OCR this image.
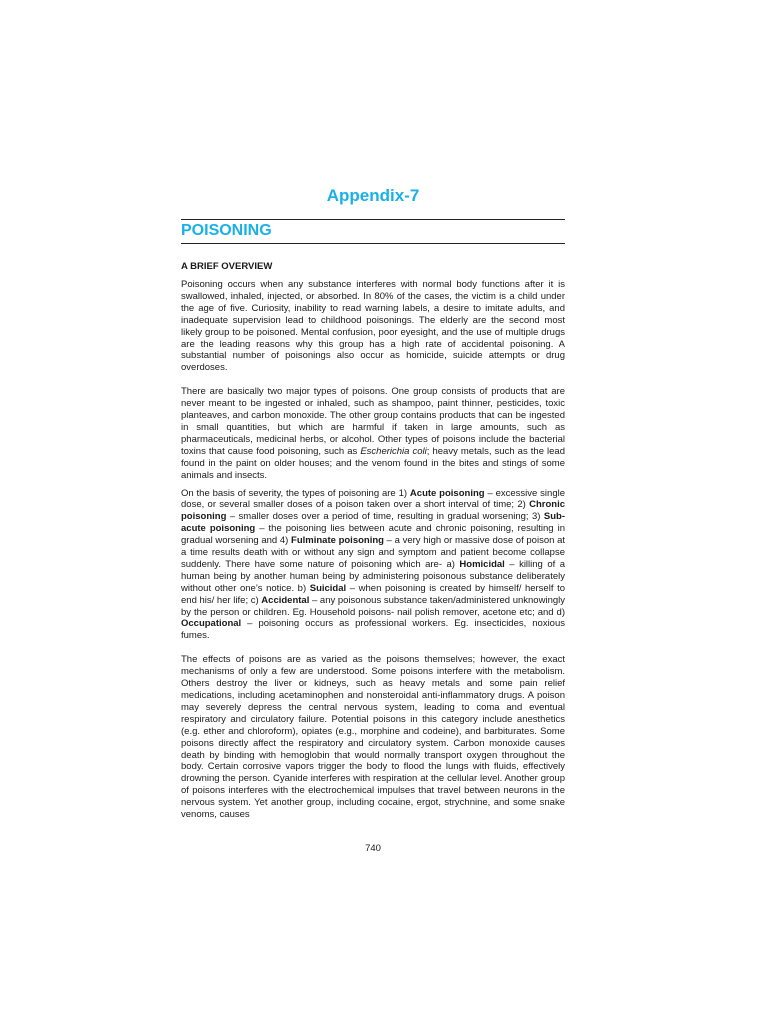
Appendix-7
POISONING
A BRIEF OVERVIEW

Poisoning occurs when any substance interferes with normal body functions after it is swallowed, inhaled, injected, or absorbed. In 80% of the cases, the victim is a child under the age of five. Curiosity, inability to read warning labels, a desire to imitate adults, and inadequate supervision lead to childhood poisonings. The elderly are the second most likely group to be poisoned. Mental confusion, poor eyesight, and the use of multiple drugs are the leading reasons why this group has a high rate of accidental poisoning. A substantial number of poisonings also occur as homicide, suicide attempts or drug overdoses.

There are basically two major types of poisons. One group consists of products that are never meant to be ingested or inhaled, such as shampoo, paint thinner, pesticides, toxic planteaves, and carbon monoxide. The other group contains products that can be ingested in small quantities, but which are harmful if taken in large amounts, such as pharmaceuticals, medicinal herbs, or alcohol. Other types of poisons include the bacterial toxins that cause food poisoning, such as Escherichia coli; heavy metals, such as the lead found in the paint on older houses; and the venom found in the bites and stings of some animals and insects.

On the basis of severity, the types of poisoning are 1) Acute poisoning – excessive single dose, or several smaller doses of a poison taken over a short interval of time; 2) Chronic poisoning – smaller doses over a period of time, resulting in gradual worsening; 3) Sub-acute poisoning – the poisoning lies between acute and chronic poisoning, resulting in gradual worsening and 4) Fulminate poisoning – a very high or massive dose of poison at a time results death with or without any sign and symptom and patient become collapse suddenly. There have some nature of poisoning which are- a) Homicidal – killing of a human being by another human being by administering poisonous substance deliberately without other one’s notice. b) Suicidal – when poisoning is created by himself/ herself to end his/ her life; c) Accidental – any poisonous substance taken/administered unknowingly by the person or children. Eg. Household poisons- nail polish remover, acetone etc; and d) Occupational – poisoning occurs as professional workers. Eg. insecticides, noxious fumes.

The effects of poisons are as varied as the poisons themselves; however, the exact mechanisms of only a few are understood. Some poisons interfere with the metabolism. Others destroy the liver or kidneys, such as heavy metals and some pain relief medications, including acetaminophen and nonsteroidal anti-inflammatory drugs. A poison may severely depress the central nervous system, leading to coma and eventual respiratory and circulatory failure. Potential poisons in this category include anesthetics (e.g. ether and chloroform), opiates (e.g., morphine and codeine), and barbiturates. Some poisons directly affect the respiratory and circulatory system. Carbon monoxide causes death by binding with hemoglobin that would normally transport oxygen throughout the body. Certain corrosive vapors trigger the body to flood the lungs with fluids, effectively drowning the person. Cyanide interferes with respiration at the cellular level. Another group of poisons interferes with the electrochemical impulses that travel between neurons in the nervous system. Yet another group, including cocaine, ergot, strychnine, and some snake venoms, causes

740
